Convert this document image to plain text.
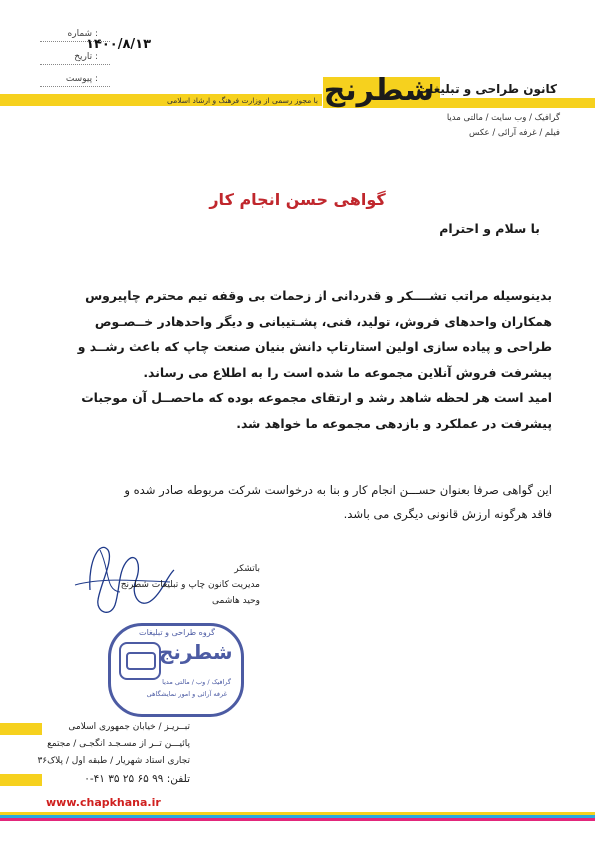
: شماره
۱۴۰۰/۸/۱۳
: تاریخ
: پیوست
با مجوز رسمی از وزارت فرهنگ و ارشاد اسلامی شطرنج
کانون طراحی و تبلیغات
گرافیک / وب سایت / مالتی مدیا
فیلم / غرفه آرائی / عکس
گواهی حسن انجام کار
با سلام و احترام
بدینوسیله مراتب تشــــکر و قدردانی از زحمات بی وقفه تیم محترم چاپیروس
همکاران واحدهای فروش، تولید، فنی، پشـتیبانی و دیگر واحدهادر خــصـوص
طراحی و پیاده سازی اولین استارتاپ دانش بنیان صنعت چاپ که باعث رشــد و
پیشرفت فروش آنلاین مجموعه ما شده است را به اطلاع می رساند.
امید است هر لحظه شاهد رشد و ارتقای مجموعه بوده که ماحصــل آن موجبات
پیشرفت در عملکرد و بازدهی مجموعه ما خواهد شد.
این گواهی صرفا بعنوان حســـن انجام کار و بنا به درخواست شرکت مربوطه صادر شده و
فاقد هرگونه ارزش قانونی دیگری می باشد.
باتشکر
مدیریت کانون چاپ و تبلیغات شطرنج
وحید هاشمی
گروه طراحی و تبلیغات
شطرنج
گرافیک / وب / مالتی مدیا
غرفه آرائی و امور نمایشگاهی
تبــریـز / خیابان جمهوری اسلامی
پائیـــن تــر از مسـجـد انگجـی / مجتمع
تجاری استاد شهریار / طبقه اول / پلاک۳۶
تلفن: ۹۹ ۶۵ ۲۵ ۳۵ ۴۱-۰
www.chapkhana.ir
